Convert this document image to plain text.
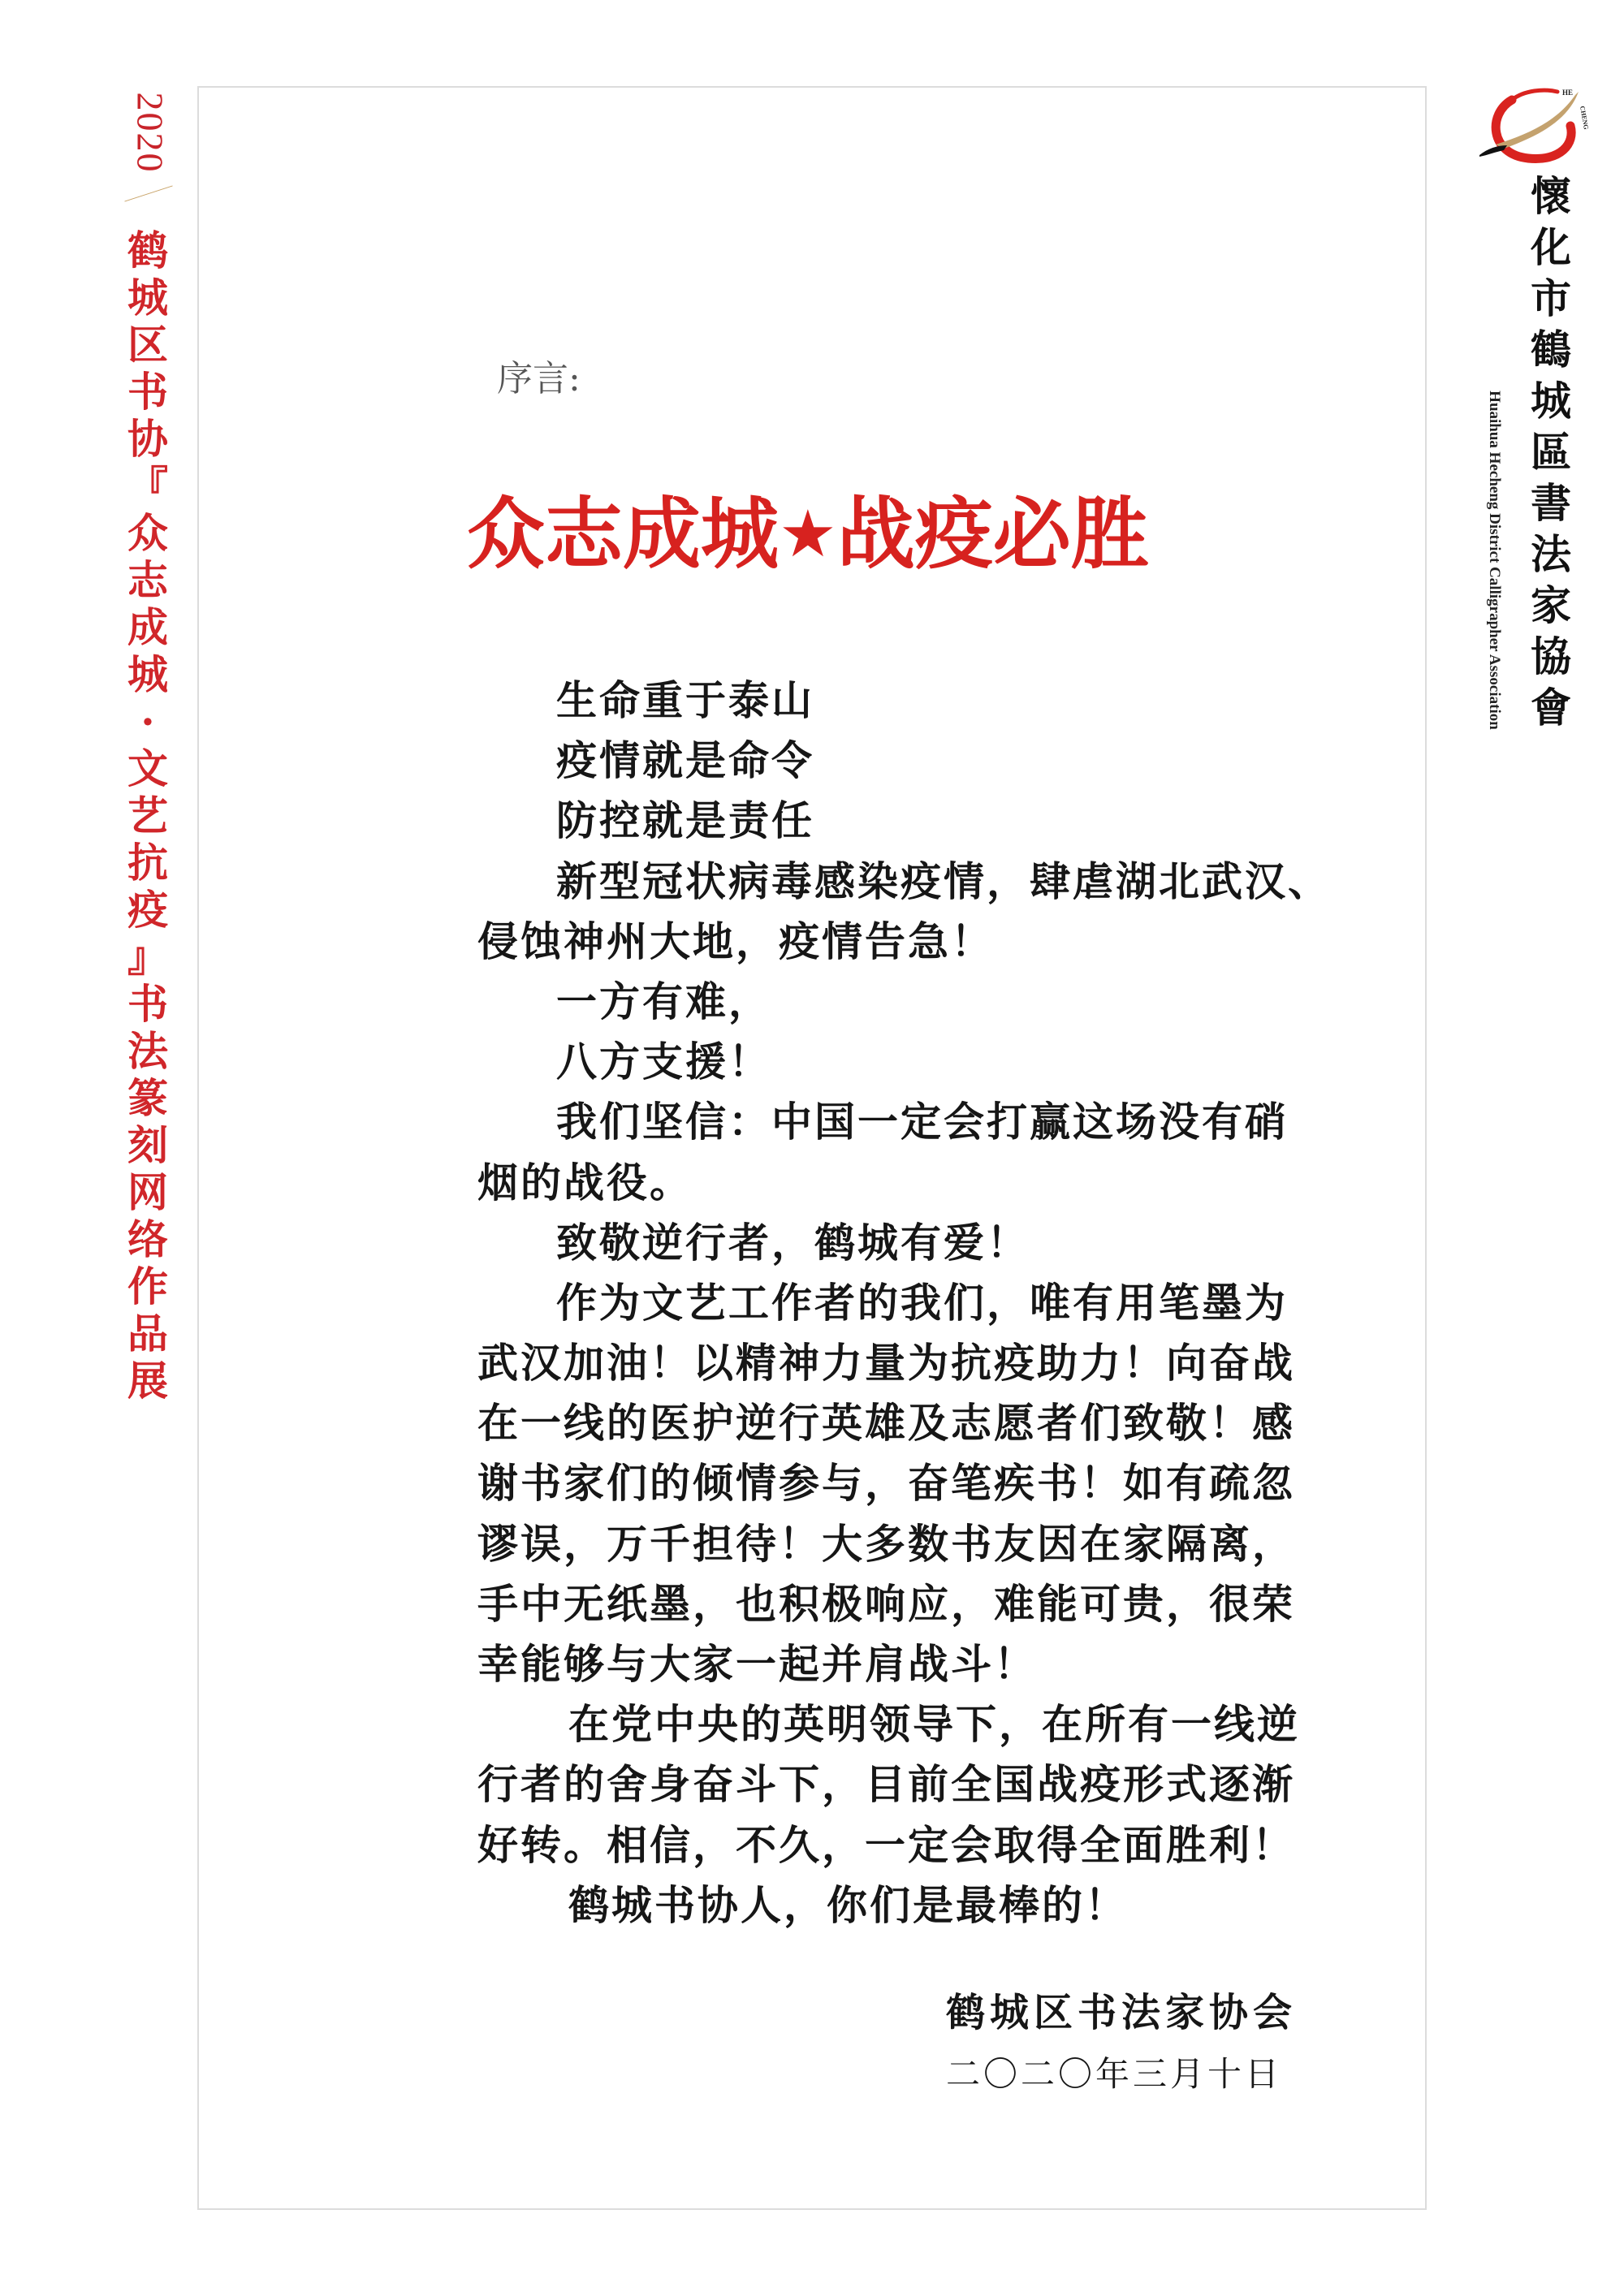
2020
鹤
城
区
书
协
『
众
志
成
城
·
文
艺
抗
疫
』
书
法
篆
刻
网
络
作
品
展
HE
CHENG
懷
化
市
鶴
城
區
書
法
家
協
會
Huaihua Hecheng District Calligrapher Association
序言:
众志成城★战疫必胜
生命重于泰山
疫情就是命令
防控就是责任
新型冠状病毒感染疫情，肆虐湖北武汉、
侵蚀神州大地，疫情告急！
一方有难，
八方支援！
我们坚信：中国一定会打赢这场没有硝
烟的战役。
致敬逆行者，鹤城有爱！
作为文艺工作者的我们，唯有用笔墨为
武汉加油！以精神力量为抗疫助力！向奋战
在一线的医护逆行英雄及志愿者们致敬！感
谢书家们的倾情参与，奋笔疾书！如有疏忽
谬误，万千担待！大多数书友因在家隔离，
手中无纸墨，也积极响应，难能可贵，很荣
幸能够与大家一起并肩战斗！
在党中央的英明领导下，在所有一线逆
行者的舍身奋斗下，目前全国战疫形式逐渐
好转。相信，不久，一定会取得全面胜利！
鹤城书协人，你们是最棒的！
鹤城区书法家协会
二〇二〇年三月十日
